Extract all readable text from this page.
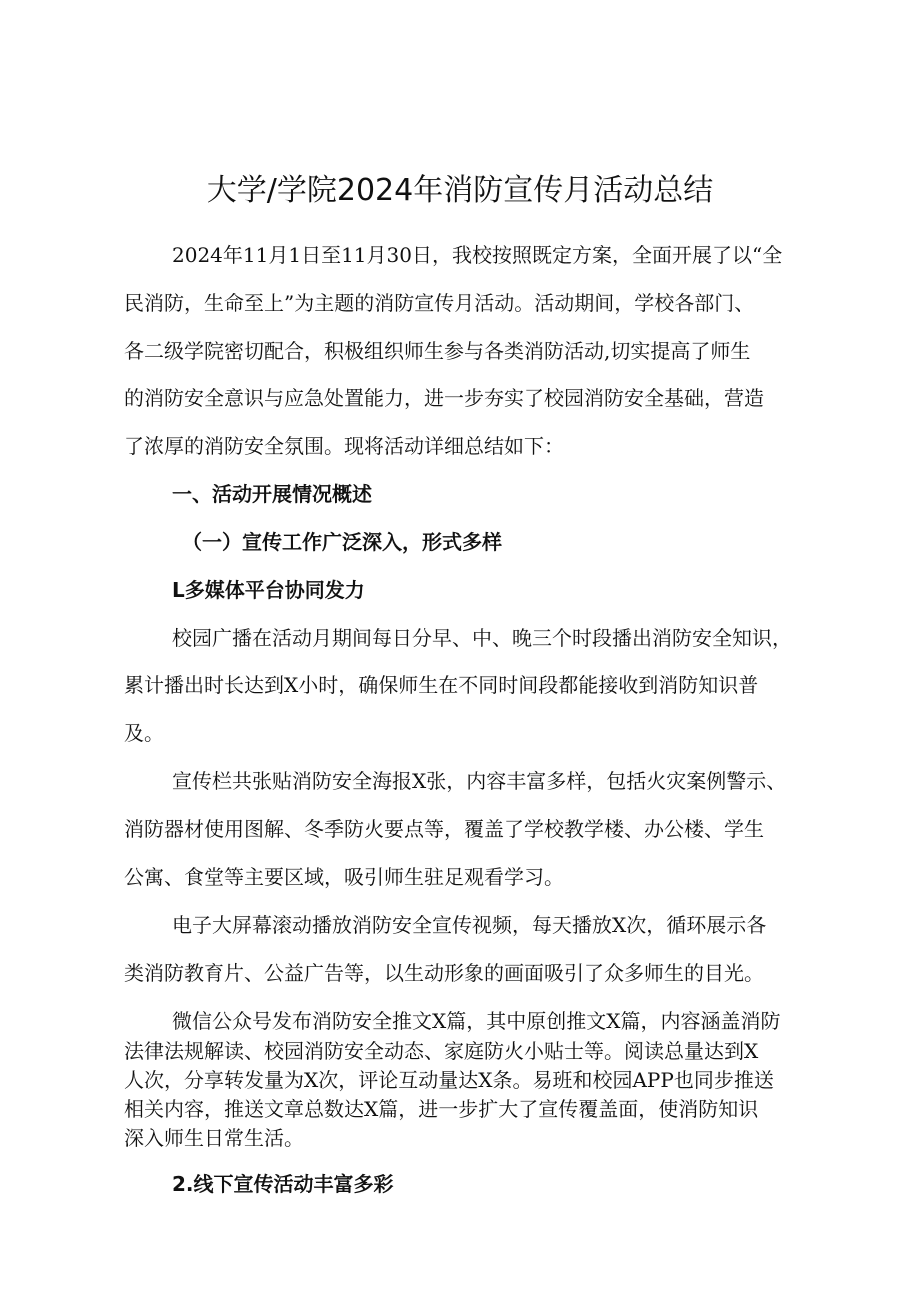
大学/学院2024年消防宣传月活动总结
2024年11月1日至11月30日，我校按照既定方案，全面开展了以“全
民消防，生命至上”为主题的消防宣传月活动。活动期间，学校各部门、
各二级学院密切配合，积极组织师生参与各类消防活动,切实提高了师生
的消防安全意识与应急处置能力，进一步夯实了校园消防安全基础，营造
了浓厚的消防安全氛围。现将活动详细总结如下：
一、活动开展情况概述
（一）宣传工作广泛深入，形式多样
L多媒体平台协同发力
校园广播在活动月期间每日分早、中、晚三个时段播出消防安全知识，
累计播出时长达到X小时，确保师生在不同时间段都能接收到消防知识普
及。
宣传栏共张贴消防安全海报X张，内容丰富多样，包括火灾案例警示、
消防器材使用图解、冬季防火要点等，覆盖了学校教学楼、办公楼、学生
公寓、食堂等主要区域，吸引师生驻足观看学习。
电子大屏幕滚动播放消防安全宣传视频，每天播放X次，循环展示各
类消防教育片、公益广告等，以生动形象的画面吸引了众多师生的目光。
微信公众号发布消防安全推文X篇，其中原创推文X篇，内容涵盖消防
法律法规解读、校园消防安全动态、家庭防火小贴士等。阅读总量达到X
人次，分享转发量为X次，评论互动量达X条。易班和校园APP也同步推送
相关内容，推送文章总数达X篇，进一步扩大了宣传覆盖面，使消防知识
深入师生日常生活。
2.线下宣传活动丰富多彩
